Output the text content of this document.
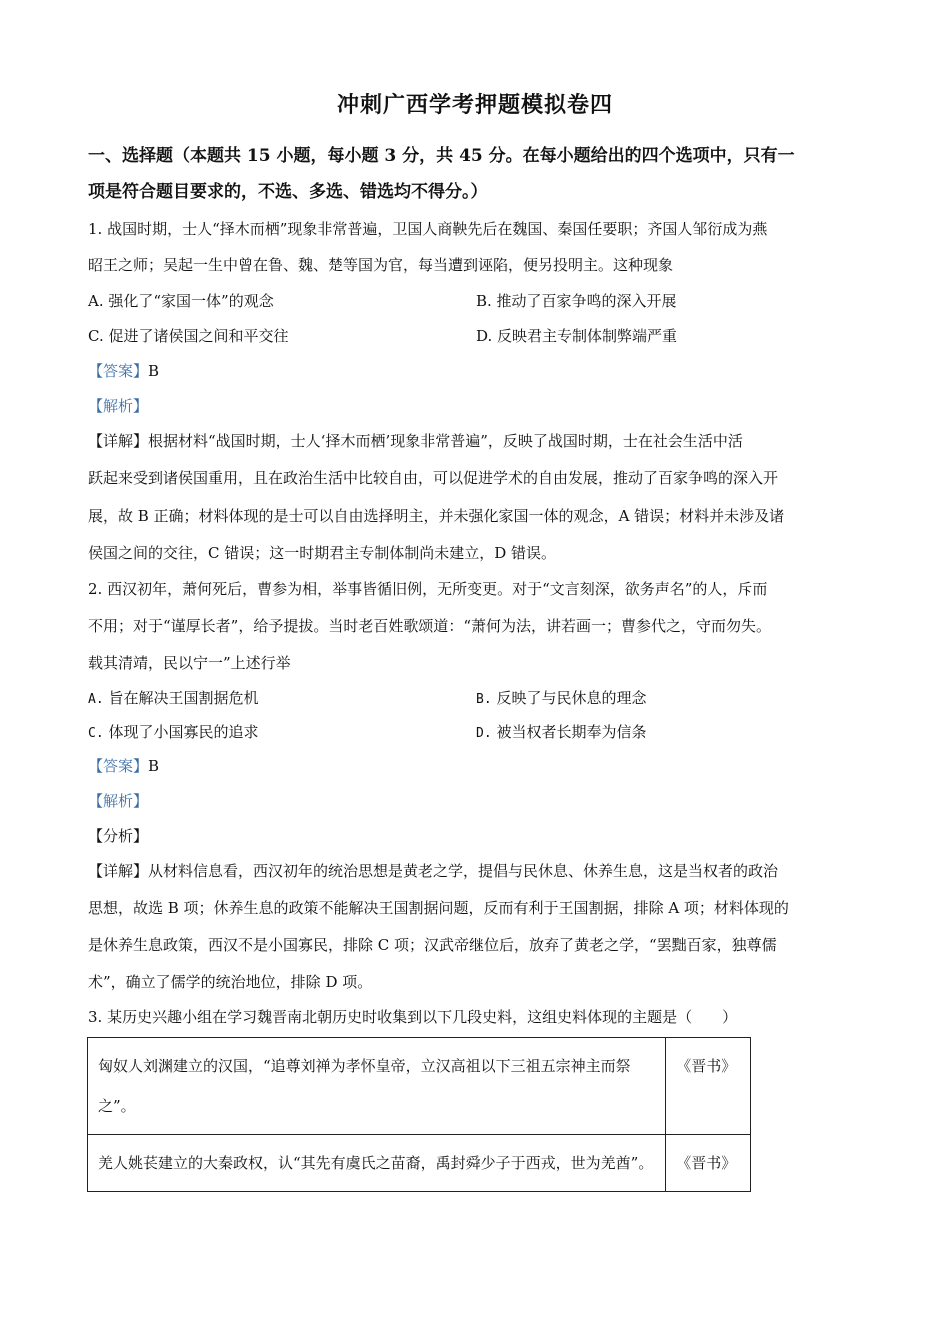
冲刺广西学考押题模拟卷四
一、选择题（本题共 15 小题，每小题 3 分，共 45 分。在每小题给出的四个选项中，只有一
项是符合题目要求的，不选、多选、错选均不得分。）
1. 战国时期，士人“择木而栖”现象非常普遍，卫国人商鞅先后在魏国、秦国任要职；齐国人邹衍成为燕
昭王之师；吴起一生中曾在鲁、魏、楚等国为官，每当遭到诬陷，便另投明主。这种现象
A. 强化了“家国一体”的观念	B. 推动了百家争鸣的深入开展
C. 促进了诸侯国之间和平交往	D. 反映君主专制体制弊端严重
【答案】B
【解析】
【详解】根据材料“战国时期，士人‘择木而栖’现象非常普遍”，反映了战国时期，士在社会生活中活
跃起来受到诸侯国重用，且在政治生活中比较自由，可以促进学术的自由发展，推动了百家争鸣的深入开
展，故 B 正确；材料体现的是士可以自由选择明主，并未强化家国一体的观念，A 错误；材料并未涉及诸
侯国之间的交往，C 错误；这一时期君主专制体制尚未建立，D 错误。
2. 西汉初年，萧何死后，曹参为相，举事皆循旧例，无所变更。对于“文言刻深，欲务声名”的人，斥而
不用；对于“谨厚长者”，给予提拔。当时老百姓歌颂道：“萧何为法，讲若画一；曹参代之，守而勿失。
载其清靖，民以宁一”上述行举
A. 旨在解决王国割据危机	B. 反映了与民休息的理念
C. 体现了小国寡民的追求	D. 被当权者长期奉为信条
【答案】B
【解析】
【分析】
【详解】从材料信息看，西汉初年的统治思想是黄老之学，提倡与民休息、休养生息，这是当权者的政治
思想，故选 B 项；休养生息的政策不能解决王国割据问题，反而有利于王国割据，排除 A 项；材料体现的
是休养生息政策，西汉不是小国寡民，排除 C 项；汉武帝继位后，放弃了黄老之学，“罢黜百家，独尊儒
术”，确立了儒学的统治地位，排除 D 项。
3. 某历史兴趣小组在学习魏晋南北朝历史时收集到以下几段史料，这组史料体现的主题是（　　）
匈奴人刘渊建立的汉国，“追尊刘禅为孝怀皇帝，立汉高祖以下三祖五宗神主而祭之”。	《晋书》
羌人姚苌建立的大秦政权，认“其先有虞氏之苗裔，禹封舜少子于西戎，世为羌酋”。	《晋书》
